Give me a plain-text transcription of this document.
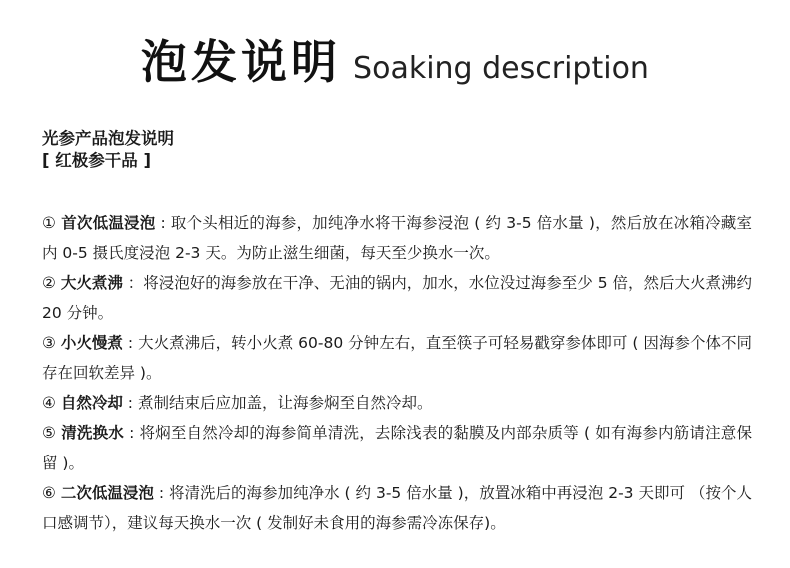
泡发说明 Soaking description
光参产品泡发说明
[ 红极参干品 ]
① 首次低温浸泡 : 取个头相近的海参，加纯净水将干海参浸泡 ( 约 3-5 倍水量 )，然后放在冰箱冷藏室内 0-5 摄氏度浸泡 2-3 天。为防止滋生细菌，每天至少换水一次。
② 大火煮沸 ：将浸泡好的海参放在干净、无油的锅内，加水，水位没过海参至少 5 倍，然后大火煮沸约 20 分钟。
③ 小火慢煮 : 大火煮沸后，转小火煮 60-80 分钟左右，直至筷子可轻易戳穿参体即可 ( 因海参个体不同存在回软差异 )。
④ 自然冷却 : 煮制结束后应加盖，让海参焖至自然冷却。
⑤ 清洗换水 : 将焖至自然冷却的海参简单清洗，去除浅表的黏膜及内部杂质等 ( 如有海参内筋请注意保留 )。
⑥ 二次低温浸泡 : 将清洗后的海参加纯净水 ( 约 3-5 倍水量 )，放置冰箱中再浸泡 2-3 天即可 （按个人口感调节），建议每天换水一次 ( 发制好未食用的海参需冷冻保存)。
